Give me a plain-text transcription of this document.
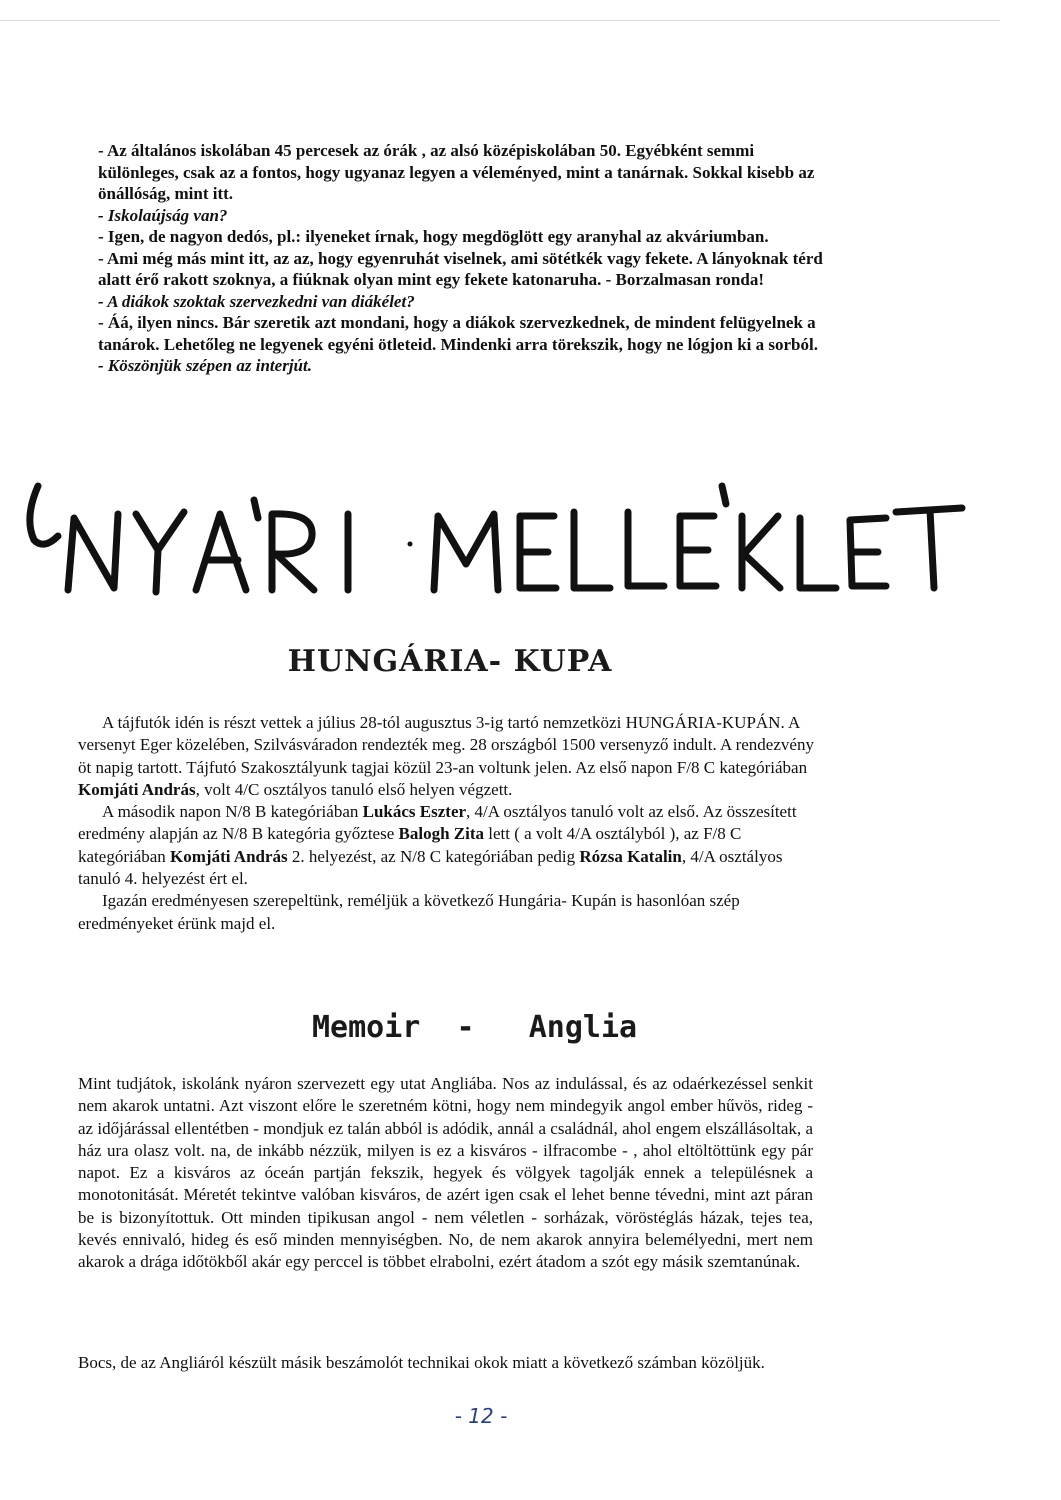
- Az általános iskolában 45 percesek az órák , az alsó középiskolában 50. Egyébként semmi különleges, csak az a fontos, hogy ugyanaz legyen a véleményed, mint a tanárnak. Sokkal kisebb az önállóság, mint itt.

- Iskolaújság van?

- Igen, de nagyon dedós, pl.: ilyeneket írnak, hogy megdöglött egy aranyhal az akváriumban.

- Ami még más mint itt, az az, hogy egyenruhát viselnek, ami sötétkék vagy fekete. A lányoknak térd alatt érő rakott szoknya, a fiúknak olyan mint egy fekete katonaruha. - Borzalmasan ronda!

- A diákok szoktak szervezkedni van diákélet?

- Áá, ilyen nincs. Bár szeretik azt mondani, hogy a diákok szervezkednek, de mindent felügyelnek a tanárok. Lehetőleg ne legyenek egyéni ötleteid. Mindenki arra törekszik, hogy ne lógjon ki a sorból.

- Köszönjük szépen az interjút.

HUNGÁRIA- KUPA

A tájfutók idén is részt vettek a július 28-tól augusztus 3-ig tartó nemzetközi HUNGÁRIA-KUPÁN. A versenyt Eger közelében, Szilvásváradon rendezték meg. 28 országból 1500 versenyző indult. A rendezvény öt napig tartott. Tájfutó Szakosztályunk tagjai közül 23-an voltunk jelen. Az első napon F/8 C kategóriában Komjáti András, volt 4/C osztályos tanuló első helyen végzett.

A második napon N/8 B kategóriában Lukács Eszter, 4/A osztályos tanuló volt az első. Az összesített eredmény alapján az N/8 B kategória győztese Balogh Zita lett ( a volt 4/A osztályból ), az F/8 C kategóriában Komjáti András 2. helyezést, az N/8 C kategóriában pedig Rózsa Katalin, 4/A osztályos tanuló 4. helyezést ért el.

Igazán eredményesen szerepeltünk, reméljük a következő Hungária- Kupán is hasonlóan szép eredményeket érünk majd el.

Memoir  -   Anglia

Mint tudjátok, iskolánk nyáron szervezett egy utat Angliába. Nos az indulással, és az odaérkezéssel senkit nem akarok untatni. Azt viszont előre le szeretném kötni, hogy nem mindegyik angol ember hűvös, rideg - az időjárással ellentétben - mondjuk ez talán abból is adódik, annál a családnál, ahol engem elszállásoltak, a ház ura olasz volt. na, de inkább nézzük, milyen is ez a kisváros - ilfracombe - , ahol eltöltöttünk egy pár napot. Ez a kisváros az óceán partján fekszik, hegyek és völgyek tagolják ennek a településnek a monotonitását. Méretét tekintve valóban kisváros, de azért igen csak el lehet benne tévedni, mint azt páran be is bizonyítottuk. Ott minden tipikusan angol - nem véletlen - sorházak, vöröstéglás házak, tejes tea, kevés ennivaló, hideg és eső minden mennyiségben. No, de nem akarok annyira belemélyedni, mert nem akarok a drága időtökből akár egy perccel is többet elrabolni, ezért átadom a szót egy másik szemtanúnak.

Bocs, de az Angliáról készült másik beszámolót technikai okok miatt a következő számban közöljük.

- 12 -
